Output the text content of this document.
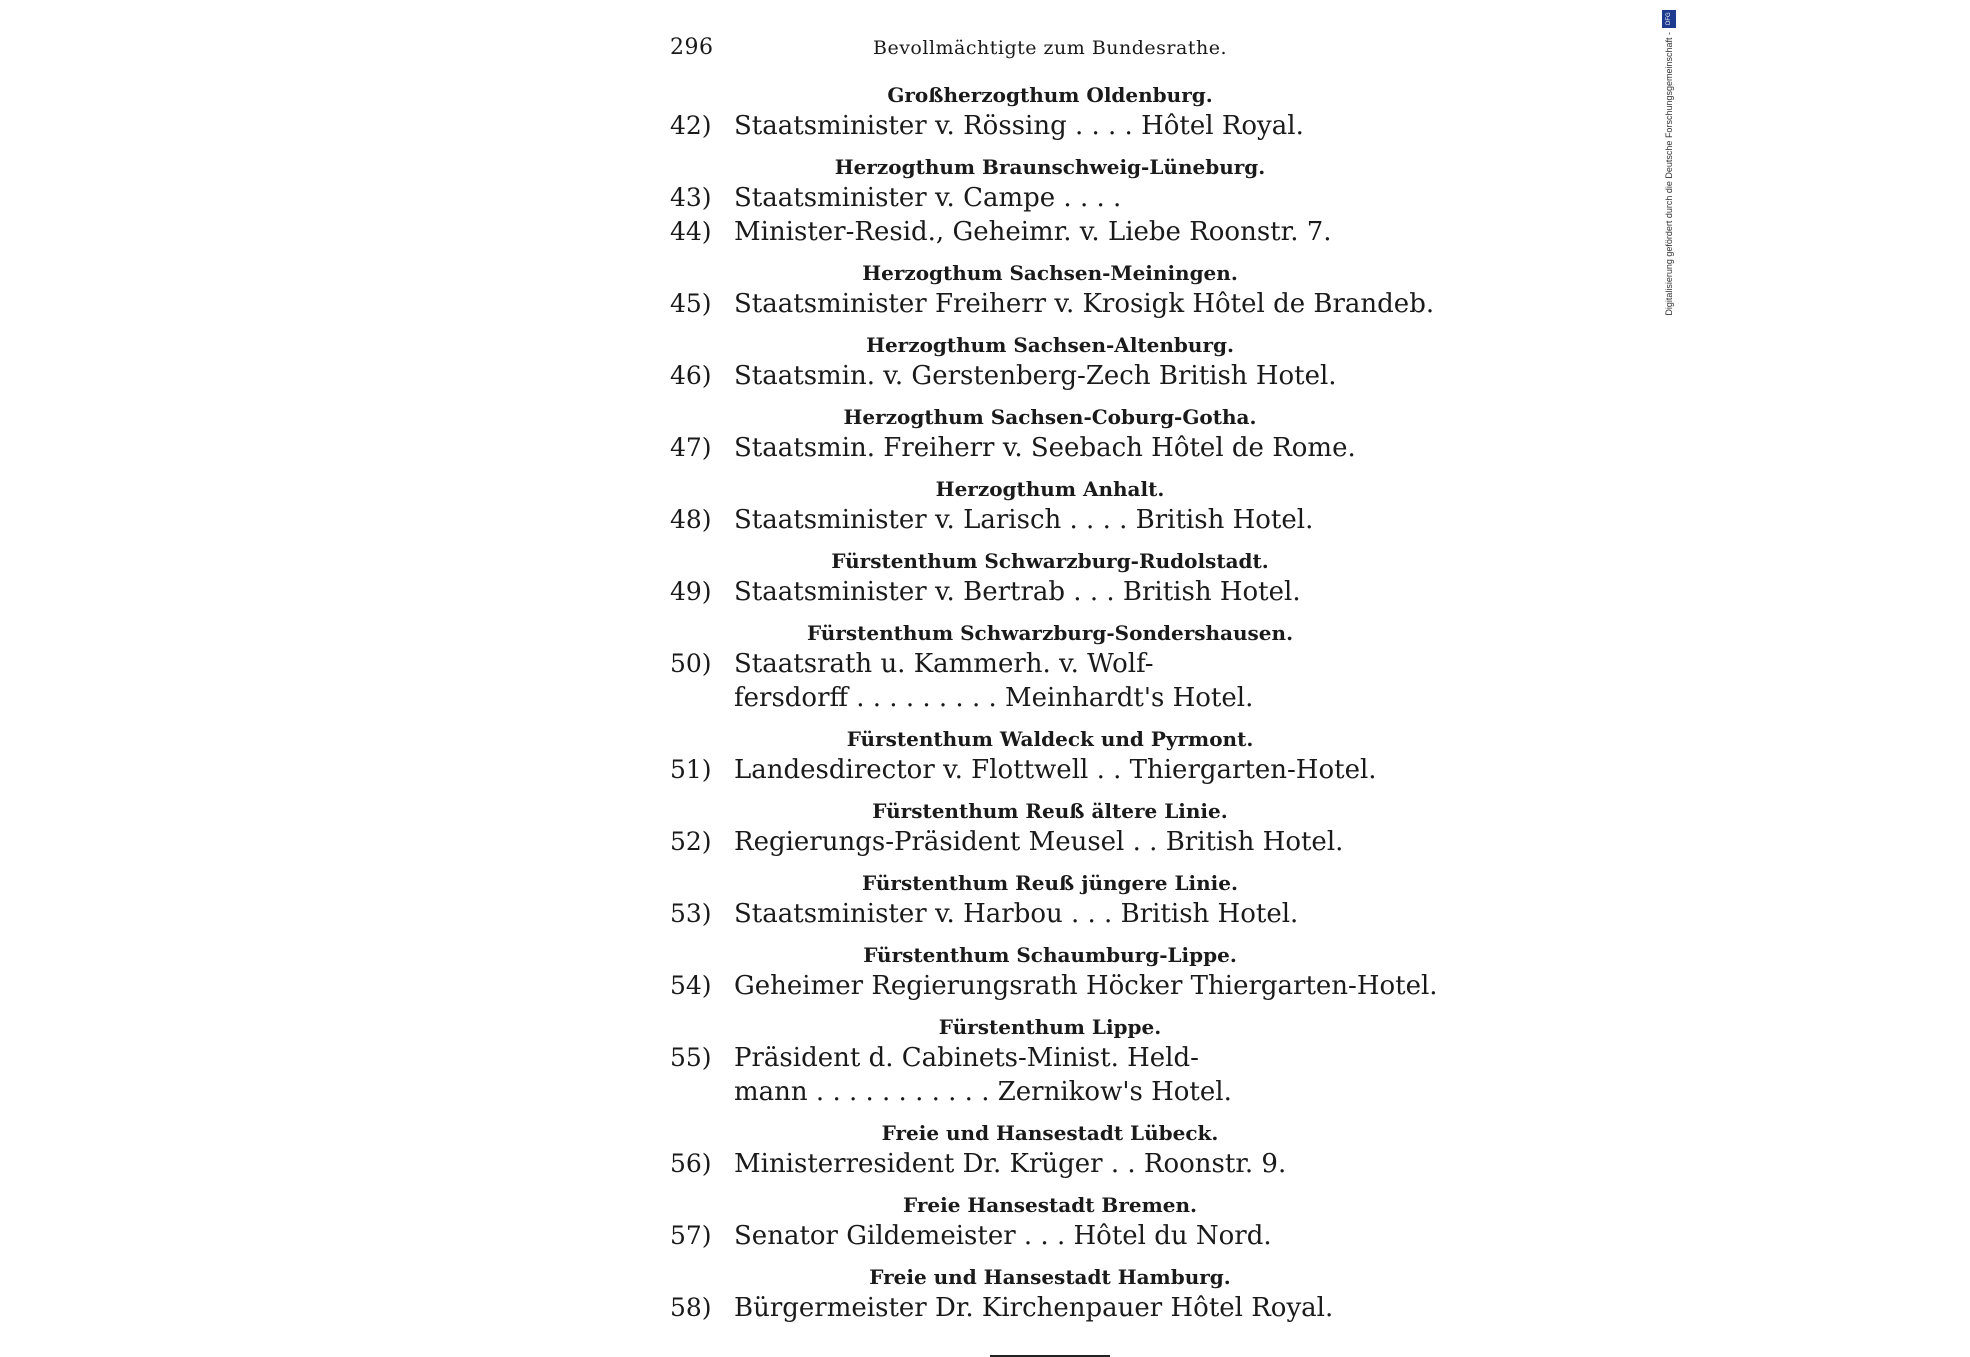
296	Bevollmächtigte zum Bundesrathe.
Großherzogthum Oldenburg.
42) Staatsminister v. Rössing . . . . Hôtel Royal.
Herzogthum Braunschweig-Lüneburg.
43) Staatsminister v. Campe . . . .
44) Minister-Resid., Geheimr. v. Liebe Roonstr. 7.
Herzogthum Sachsen-Meiningen.
45) Staatsminister Freiherr v. Krosigk Hôtel de Brandeb.
Herzogthum Sachsen-Altenburg.
46) Staatsmin. v. Gerstenberg-Zech British Hotel.
Herzogthum Sachsen-Coburg-Gotha.
47) Staatsmin. Freiherr v. Seebach Hôtel de Rome.
Herzogthum Anhalt.
48) Staatsminister v. Larisch . . . . British Hotel.
Fürstenthum Schwarzburg-Rudolstadt.
49) Staatsminister v. Bertrab . . . British Hotel.
Fürstenthum Schwarzburg-Sondershausen.
50) Staatsrath u. Kammerh. v. Wolf-
fersdorff . . . . . . . . . Meinhardt's Hotel.
Fürstenthum Waldeck und Pyrmont.
51) Landesdirector v. Flottwell . . Thiergarten-Hotel.
Fürstenthum Reuß ältere Linie.
52) Regierungs-Präsident Meusel . . British Hotel.
Fürstenthum Reuß jüngere Linie.
53) Staatsminister v. Harbou . . . British Hotel.
Fürstenthum Schaumburg-Lippe.
54) Geheimer Regierungsrath Höcker Thiergarten-Hotel.
Fürstenthum Lippe.
55) Präsident d. Cabinets-Minist. Held-
mann . . . . . . . . . . . Zernikow's Hotel.
Freie und Hansestadt Lübeck.
56) Ministerresident Dr. Krüger . . Roonstr. 9.
Freie Hansestadt Bremen.
57) Senator Gildemeister . . . Hôtel du Nord.
Freie und Hansestadt Hamburg.
58) Bürgermeister Dr. Kirchenpauer Hôtel Royal.
DFG
Digitalisierung gefördert durch die Deutsche Forschungsgemeinschaft -
